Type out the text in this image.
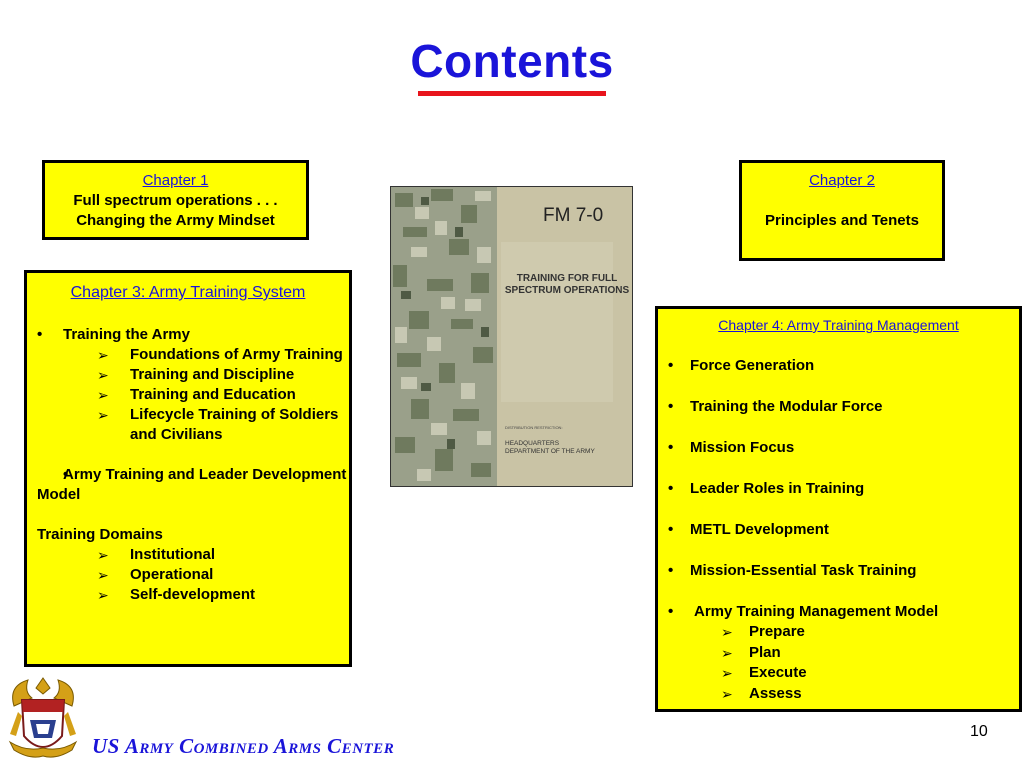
Contents
Chapter 1
Full spectrum operations . . .
Changing the Army Mindset
Chapter 2
Principles and Tenets
Chapter 3: Army Training System
• Training the Army
➢ Foundations of Army Training
➢ Training and Discipline
➢ Training and Education
➢ Lifecycle Training of Soldiers and Civilians
• Army Training and Leader Development Model
Training Domains
➢ Institutional
➢ Operational
➢ Self-development
FM 7-0
TRAINING FOR FULL SPECTRUM OPERATIONS
DISTRIBUTION RESTRICTION:
HEADQUARTERS
DEPARTMENT OF THE ARMY
Chapter 4: Army Training Management
• Force Generation
• Training the Modular Force
• Mission Focus
• Leader Roles in Training
• METL Development
• Mission-Essential Task Training
• Army Training Management Model
➢ Prepare
➢ Plan
➢ Execute
➢ Assess
US Army Combined Arms Center
10
